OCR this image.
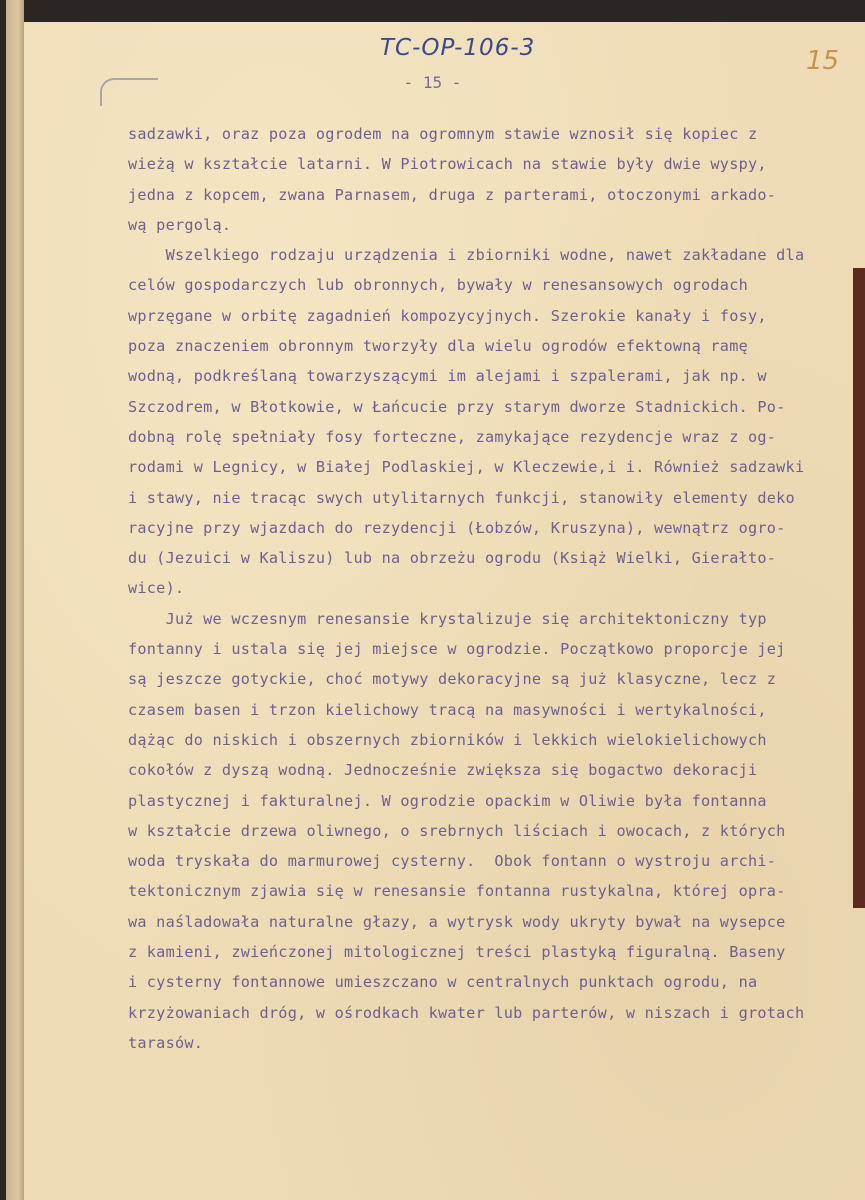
TC-OP-106-3	15
- 15 -
sadzawki, oraz poza ogrodem na ogromnym stawie wznosił się kopiec z
wieżą w kształcie latarni. W Piotrowicach na stawie były dwie wyspy,
jedna z kopcem, zwana Parnasem, druga z parterami, otoczonymi arkado-
wą pergolą.
Wszelkiego rodzaju urządzenia i zbiorniki wodne, nawet zakładane dla
celów gospodarczych lub obronnych, bywały w renesansowych ogrodach
wprzęgane w orbitę zagadnień kompozycyjnych. Szerokie kanały i fosy,
poza znaczeniem obronnym tworzyły dla wielu ogrodów efektowną ramę
wodną, podkreślaną towarzyszącymi im alejami i szpalerami, jak np. w
Szczodrem, w Błotkowie, w Łańcucie przy starym dworze Stadnickich. Po-
dobną rolę spełniały fosy forteczne, zamykające rezydencje wraz z og-
rodami w Legnicy, w Białej Podlaskiej, w Kleczewie,i i. Również sadzawki
i stawy, nie tracąc swych utylitarnych funkcji, stanowiły elementy deko
racyjne przy wjazdach do rezydencji (Łobzów, Kruszyna), wewnątrz ogro-
du (Jezuici w Kaliszu) lub na obrzeżu ogrodu (Książ Wielki, Gierałto-
wice).
Już we wczesnym renesansie krystalizuje się architektoniczny typ
fontanny i ustala się jej miejsce w ogrodzie. Początkowo proporcje jej
są jeszcze gotyckie, choć motywy dekoracyjne są już klasyczne, lecz z
czasem basen i trzon kielichowy tracą na masywności i wertykalności,
dążąc do niskich i obszernych zbiorników i lekkich wielokielichowych
cokołów z dyszą wodną. Jednocześnie zwiększa się bogactwo dekoracji
plastycznej i fakturalnej. W ogrodzie opackim w Oliwie była fontanna
w kształcie drzewa oliwnego, o srebrnych liściach i owocach, z których
woda tryskała do marmurowej cysterny.  Obok fontann o wystroju archi-
tektonicznym zjawia się w renesansie fontanna rustykalna, której opra-
wa naśladowała naturalne głazy, a wytrysk wody ukryty bywał na wysepce
z kamieni, zwieńczonej mitologicznej treści plastyką figuralną. Baseny
i cysterny fontannowe umieszczano w centralnych punktach ogrodu, na
krzyżowaniach dróg, w ośrodkach kwater lub parterów, w niszach i grotach
tarasów.
